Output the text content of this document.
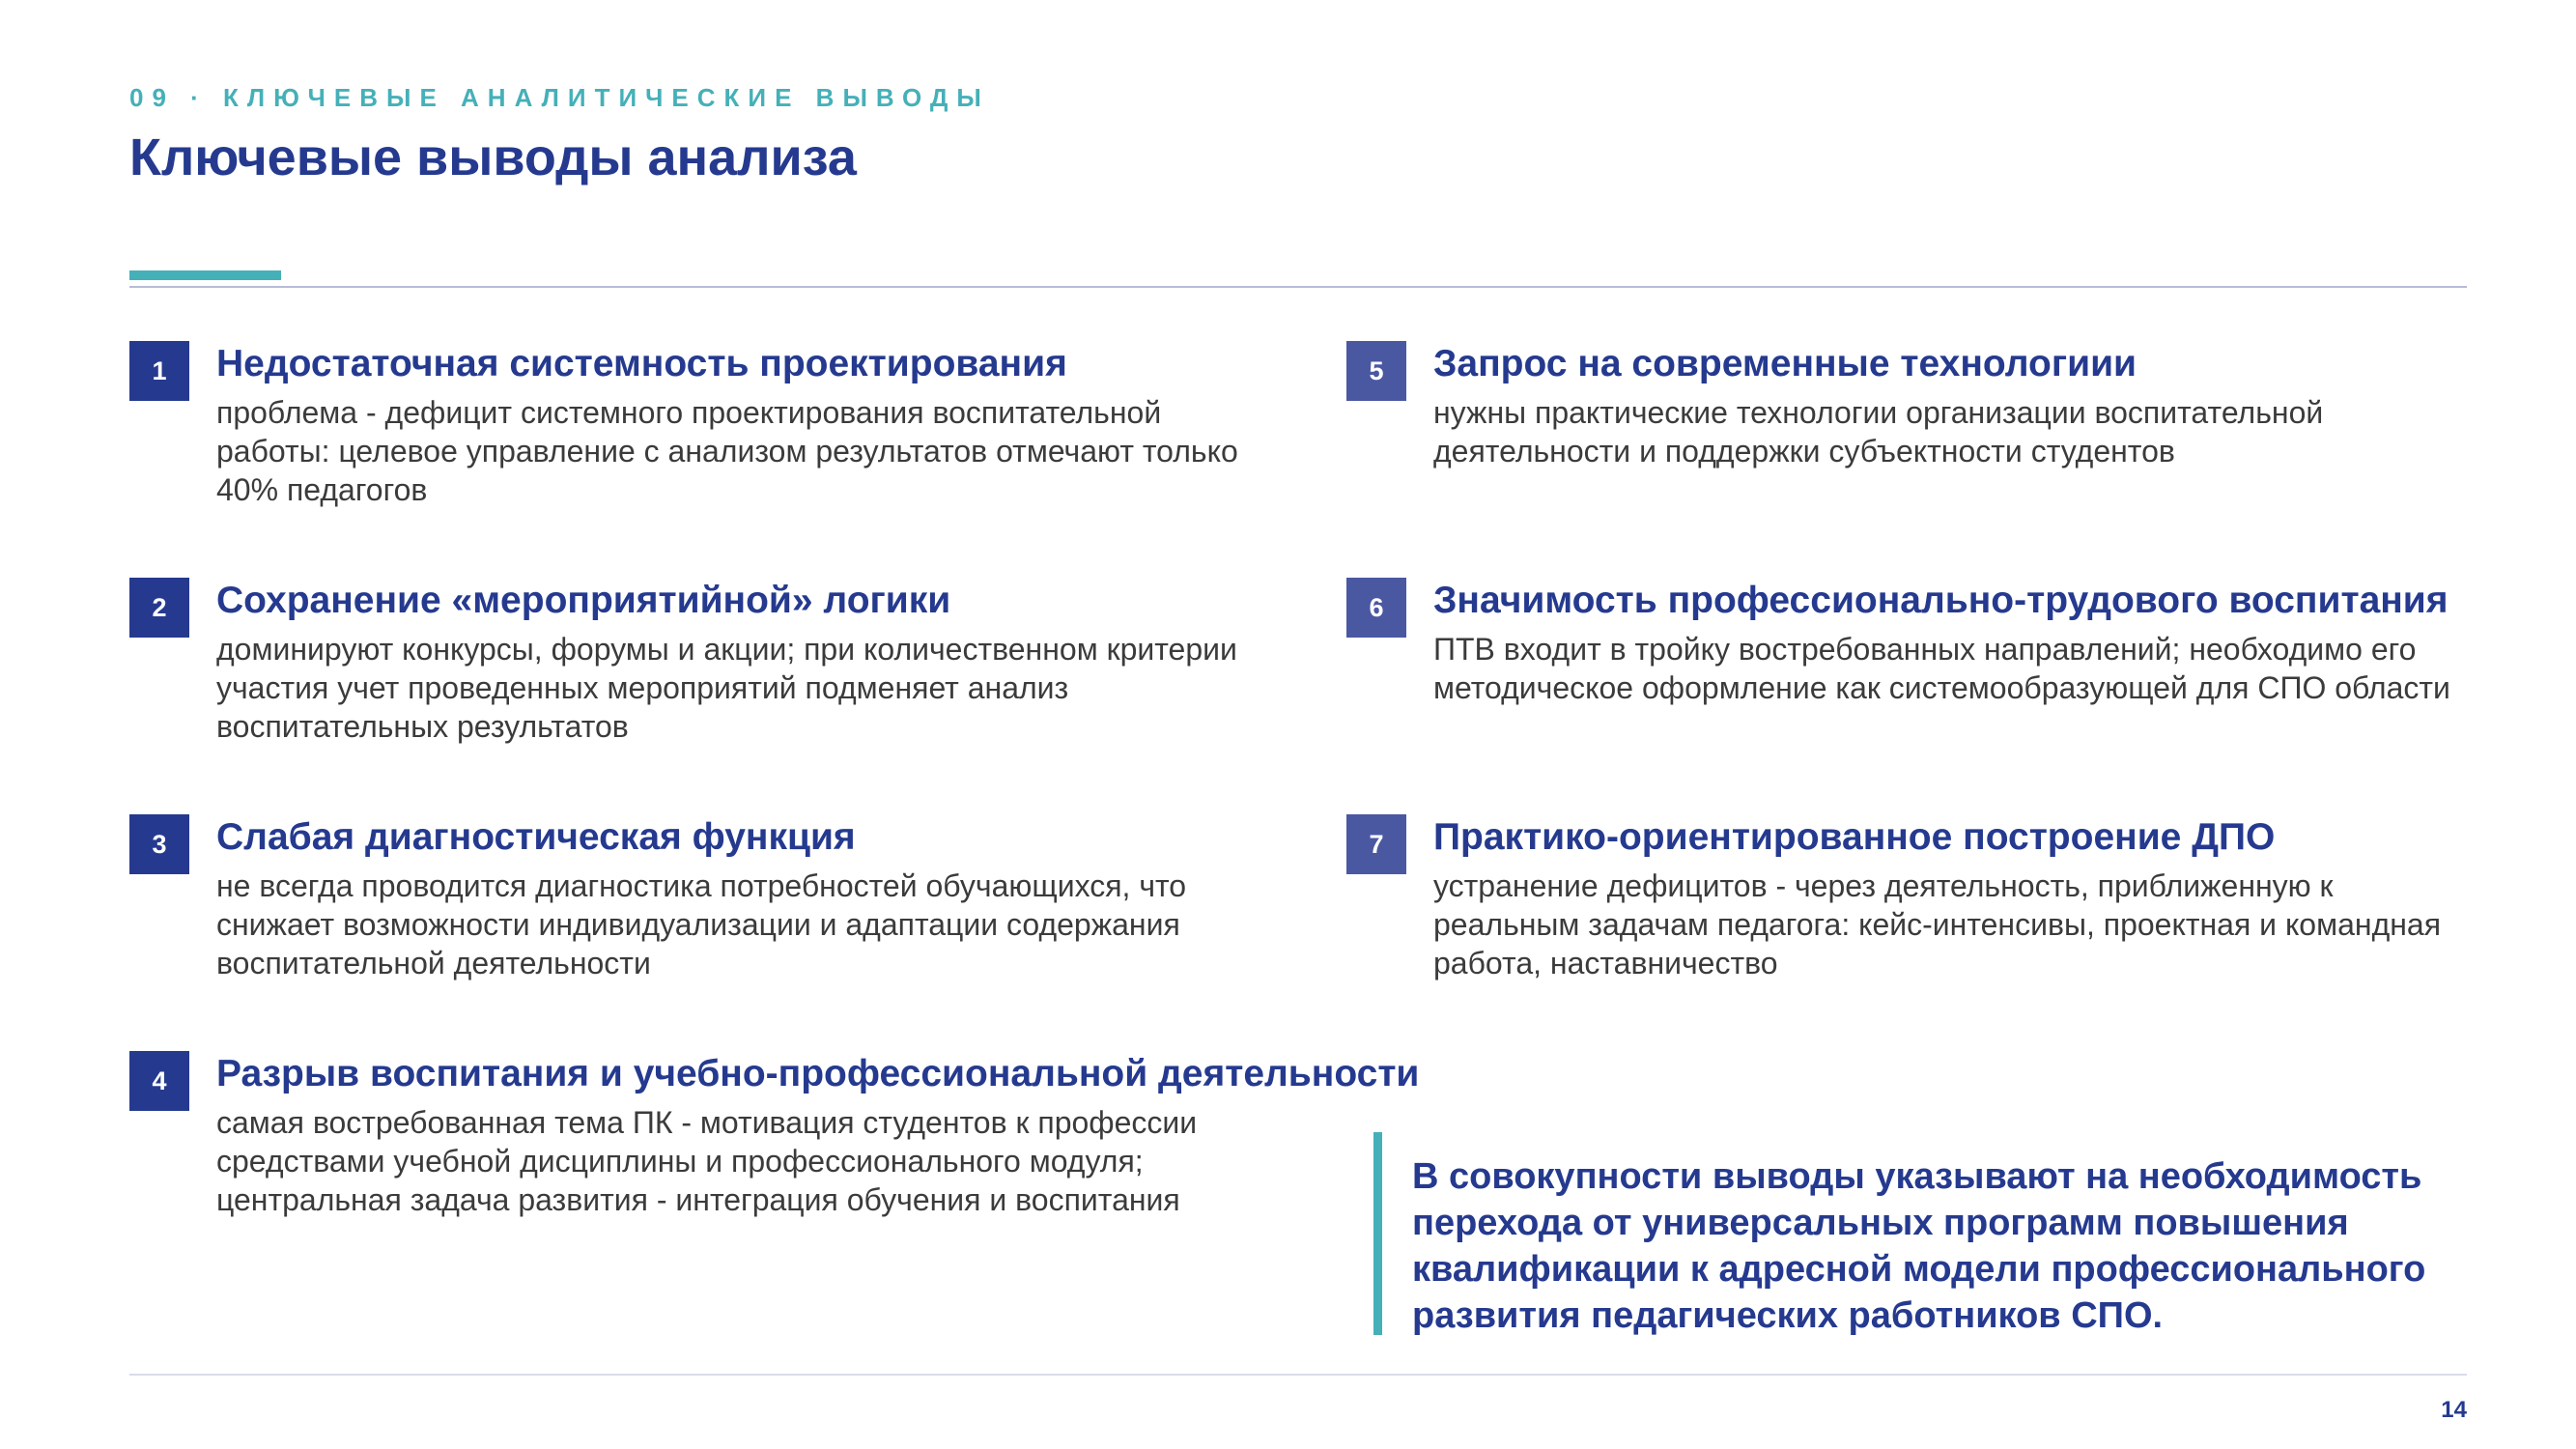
09 · КЛЮЧЕВЫЕ АНАЛИТИЧЕСКИЕ ВЫВОДЫ
Ключевые выводы анализа
1	Недостаточная системность проектирования
проблема - дефицит системного проектирования воспитательной работы: целевое управление с анализом результатов отмечают только 40% педагогов
2	Сохранение «мероприятийной» логики
доминируют конкурсы, форумы и акции; при количественном критерии участия учет проведенных мероприятий подменяет анализ воспитательных результатов
3	Слабая диагностическая функция
не всегда проводится диагностика потребностей обучающихся, что снижает возможности индивидуализации и адаптации содержания воспитательной деятельности
4	Разрыв воспитания и учебно-профессиональной деятельности
самая востребованная тема ПК - мотивация студентов к профессии средствами учебной дисциплины и профессионального модуля; центральная задача развития - интеграция обучения и воспитания
5	Запрос на современные технологиии
нужны практические технологии организации воспитательной деятельности и поддержки субъектности студентов
6	Значимость профессионально-трудового воспитания
ПТВ входит в тройку востребованных направлений; необходимо его методическое оформление как системообразующей для СПО области
7	Практико-ориентированное построение ДПО
устранение дефицитов - через деятельность, приближенную к реальным задачам педагога: кейс-интенсивы, проектная и командная работа, наставничество
В совокупности выводы указывают на необходимость перехода от универсальных программ повышения квалификации к адресной модели профессионального развития педагических работников СПО.
14
